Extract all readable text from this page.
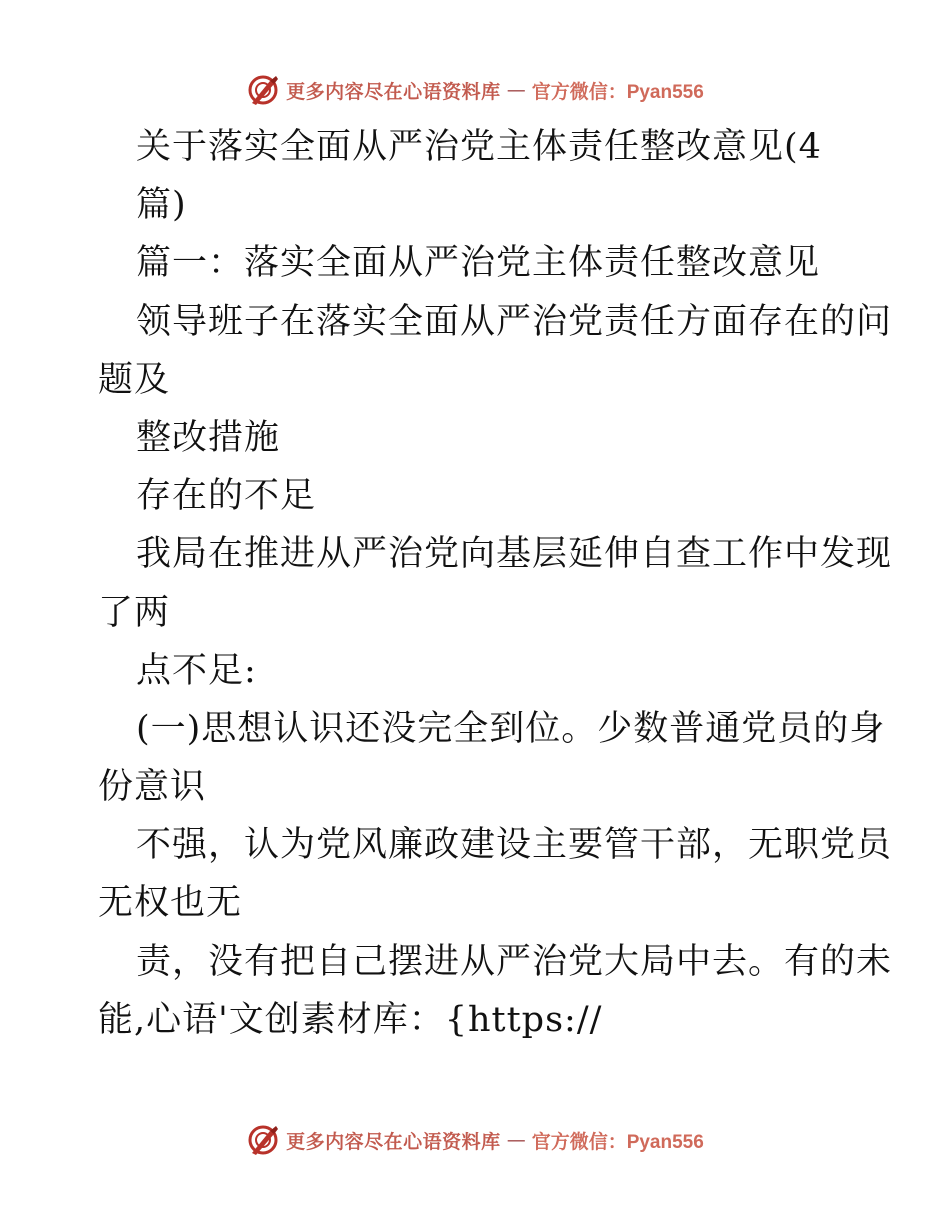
更多内容尽在心语资料库 — 官方微信：Pyan556
关于落实全面从严治党主体责任整改意见(4
篇)
篇一：落实全面从严治党主体责任整改意见
领导班子在落实全面从严治党责任方面存在的问
题及
整改措施
存在的不足
我局在推进从严治党向基层延伸自查工作中发现
了两
点不足:
(一)思想认识还没完全到位。少数普通党员的身
份意识
不强，认为党风廉政建设主要管干部，无职党员
无权也无
责，没有把自己摆进从严治党大局中去。有的未
能,心语'文创素材库：{https://
更多内容尽在心语资料库 — 官方微信：Pyan556
